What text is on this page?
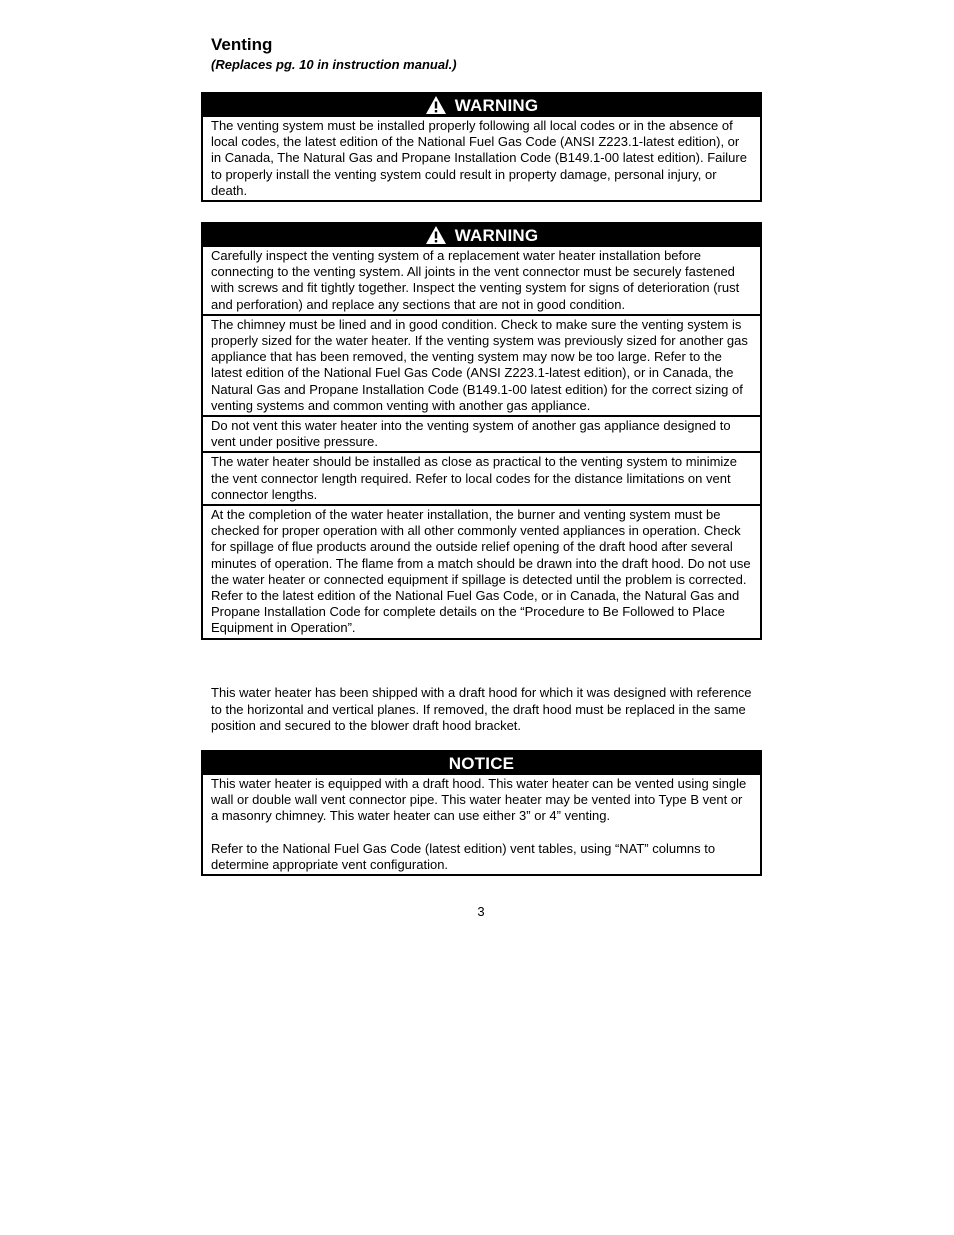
Venting
(Replaces pg. 10 in instruction manual.)
WARNING

The venting system must be installed properly following all local codes or in the absence of local codes, the latest edition of the National Fuel Gas Code (ANSI Z223.1-latest edition), or in Canada, The Natural Gas and Propane Installation Code (B149.1-00 latest edition). Failure to properly install the venting system could result in property damage, personal injury, or death.

WARNING

Carefully inspect the venting system of a replacement water heater installation before connecting to the venting system. All joints in the vent connector must be securely fastened with screws and fit tightly together. Inspect the venting system for signs of deterioration (rust and perforation) and replace any sections that are not in good condition.

The chimney must be lined and in good condition. Check to make sure the venting system is properly sized for the water heater. If the venting system was previously sized for another gas appliance that has been removed, the venting system may now be too large. Refer to the latest edition of the National Fuel Gas Code (ANSI Z223.1-latest edition), or in Canada, the Natural Gas and Propane Installation Code (B149.1-00 latest edition) for the correct sizing of venting systems and common venting with another gas appliance.

Do not vent this water heater into the venting system of another gas appliance designed to vent under positive pressure.

The water heater should be installed as close as practical to the venting system to minimize the vent connector length required. Refer to local codes for the distance limitations on vent connector lengths.

At the completion of the water heater installation, the burner and venting system must be checked for proper operation with all other commonly vented appliances in operation. Check for spillage of flue products around the outside relief opening of the draft hood after several minutes of operation. The flame from a match should be drawn into the draft hood. Do not use the water heater or connected equipment if spillage is detected until the problem is corrected. Refer to the latest edition of the National Fuel Gas Code, or in Canada, the Natural Gas and Propane Installation Code for complete details on the “Procedure to Be Followed to Place Equipment in Operation”.

This water heater has been shipped with a draft hood for which it was designed with reference to the horizontal and vertical planes. If removed, the draft hood must be replaced in the same position and secured to the blower draft hood bracket.

NOTICE

This water heater is equipped with a draft hood. This water heater can be vented using single wall or double wall vent connector pipe. This water heater may be vented into Type B vent or a masonry chimney. This water heater can use either 3” or 4” venting.

Refer to the National Fuel Gas Code (latest edition) vent tables, using “NAT” columns to determine appropriate vent configuration.

3
